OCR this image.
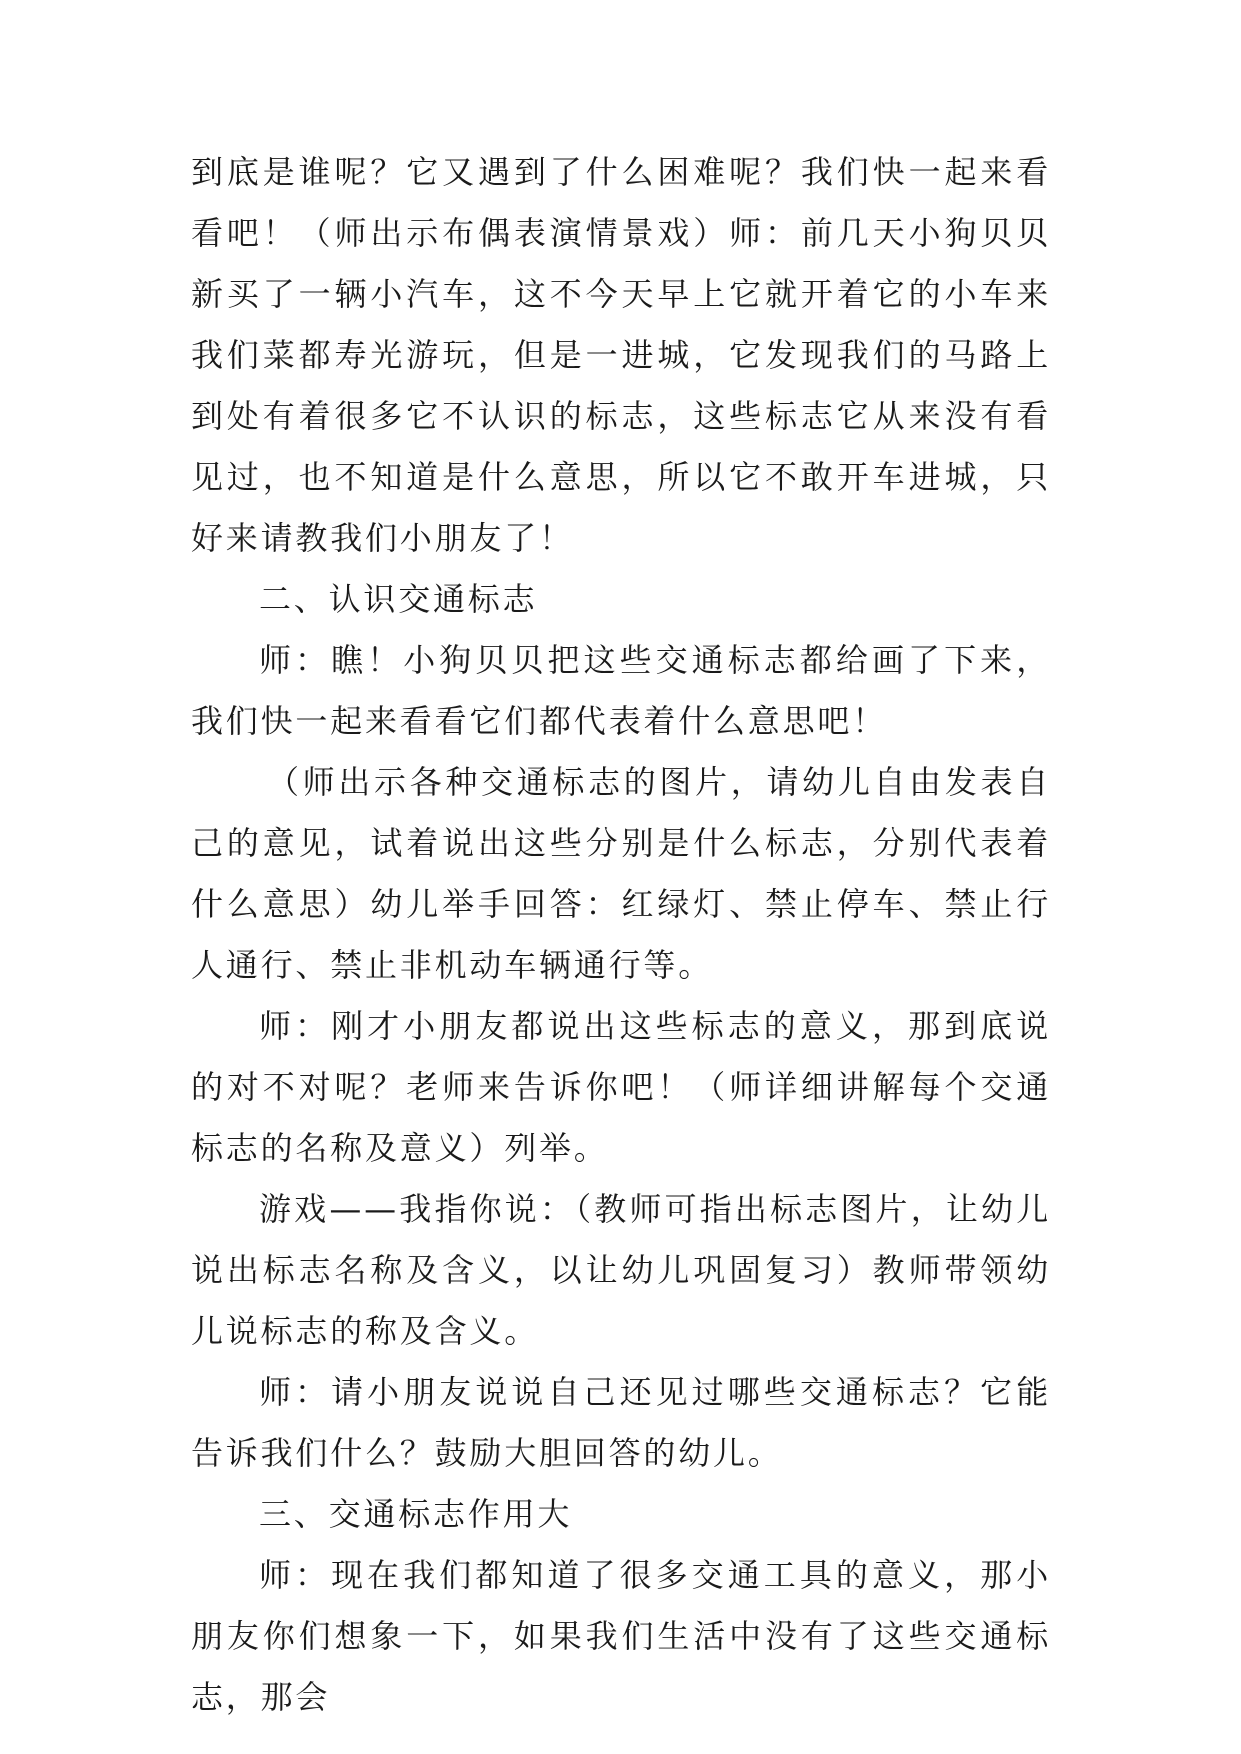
到底是谁呢？它又遇到了什么困难呢？我们快一起来看看吧！（师出示布偶表演情景戏）师：前几天小狗贝贝新买了一辆小汽车，这不今天早上它就开着它的小车来我们菜都寿光游玩，但是一进城，它发现我们的马路上到处有着很多它不认识的标志，这些标志它从来没有看见过，也不知道是什么意思，所以它不敢开车进城，只好来请教我们小朋友了！

二、认识交通标志

师：瞧！小狗贝贝把这些交通标志都给画了下来，我们快一起来看看它们都代表着什么意思吧！

（师出示各种交通标志的图片，请幼儿自由发表自己的意见，试着说出这些分别是什么标志，分别代表着什么意思）幼儿举手回答：红绿灯、禁止停车、禁止行人通行、禁止非机动车辆通行等。

师：刚才小朋友都说出这些标志的意义，那到底说的对不对呢？老师来告诉你吧！（师详细讲解每个交通标志的名称及意义）列举。

游戏——我指你说：（教师可指出标志图片，让幼儿说出标志名称及含义，以让幼儿巩固复习）教师带领幼儿说标志的称及含义。

师：请小朋友说说自己还见过哪些交通标志？它能告诉我们什么？鼓励大胆回答的幼儿。

三、交通标志作用大

师：现在我们都知道了很多交通工具的意义，那小朋友你们想象一下，如果我们生活中没有了这些交通标志，那会
